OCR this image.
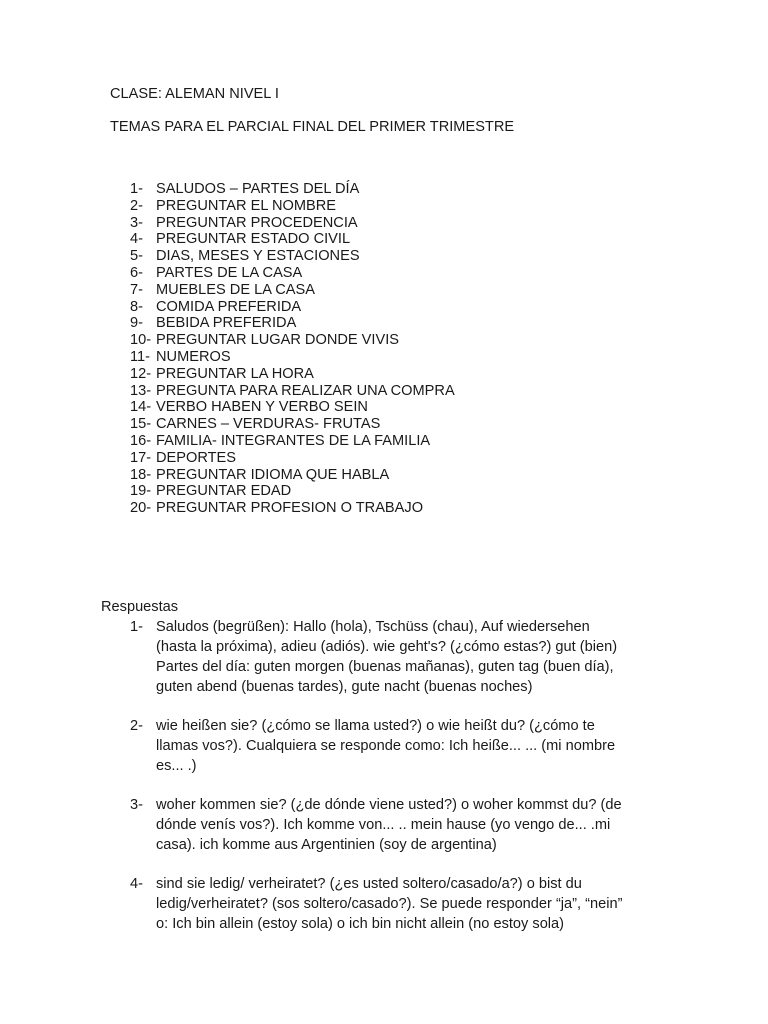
CLASE: ALEMAN NIVEL I
TEMAS PARA EL PARCIAL FINAL DEL PRIMER TRIMESTRE
1- SALUDOS – PARTES DEL DÍA
2- PREGUNTAR EL NOMBRE
3- PREGUNTAR PROCEDENCIA
4- PREGUNTAR ESTADO CIVIL
5- DIAS, MESES Y ESTACIONES
6- PARTES DE LA CASA
7- MUEBLES DE LA CASA
8- COMIDA PREFERIDA
9- BEBIDA PREFERIDA
10- PREGUNTAR LUGAR DONDE VIVIS
11- NUMEROS
12- PREGUNTAR LA HORA
13- PREGUNTA PARA REALIZAR UNA COMPRA
14- VERBO HABEN Y VERBO SEIN
15- CARNES – VERDURAS- FRUTAS
16- FAMILIA- INTEGRANTES DE LA FAMILIA
17- DEPORTES
18- PREGUNTAR IDIOMA QUE HABLA
19- PREGUNTAR EDAD
20- PREGUNTAR PROFESION O TRABAJO
Respuestas
1- Saludos (begrüßen): Hallo (hola), Tschüss (chau), Auf wiedersehen
(hasta la próxima), adieu (adiós). wie geht's? (¿cómo estas?) gut (bien)
Partes del día: guten morgen (buenas mañanas), guten tag (buen día),
guten abend (buenas tardes), gute nacht (buenas noches)
2- wie heißen sie? (¿cómo se llama usted?) o wie heißt du? (¿cómo te
llamas vos?). Cualquiera se responde como: Ich heiße... ... (mi nombre
es... .)
3- woher kommen sie? (¿de dónde viene usted?) o woher kommst du? (de
dónde venís vos?). Ich komme von... .. mein hause (yo vengo de... .mi
casa). ich komme aus Argentinien (soy de argentina)
4- sind sie ledig/ verheiratet? (¿es usted soltero/casado/a?) o bist du
ledig/verheiratet? (sos soltero/casado?). Se puede responder “ja”, “nein”
o: Ich bin allein (estoy sola) o ich bin nicht allein (no estoy sola)
